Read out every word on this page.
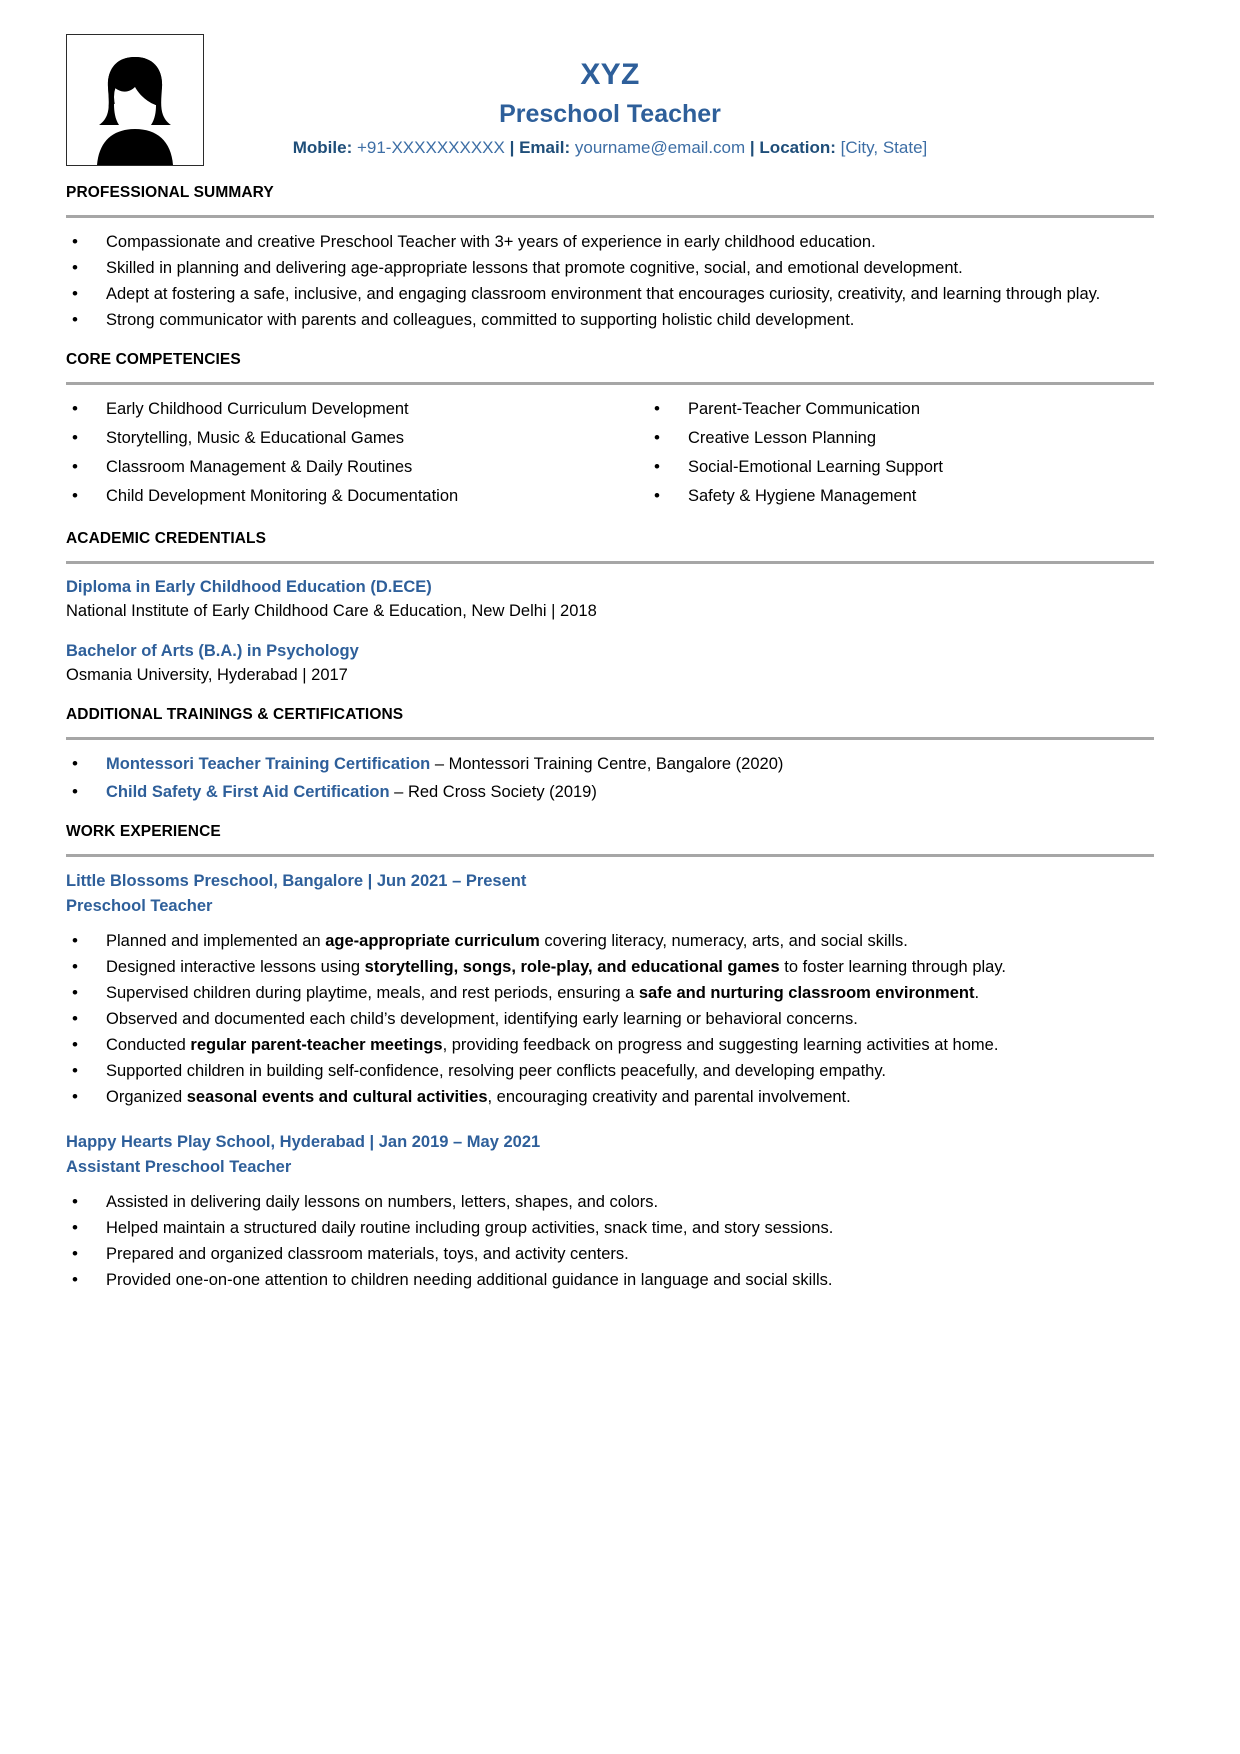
XYZ
Preschool Teacher
Mobile: +91-XXXXXXXXXX | Email: yourname@email.com | Location: [City, State]
PROFESSIONAL SUMMARY
• Compassionate and creative Preschool Teacher with 3+ years of experience in early childhood education.
• Skilled in planning and delivering age-appropriate lessons that promote cognitive, social, and emotional development.
• Adept at fostering a safe, inclusive, and engaging classroom environment that encourages curiosity, creativity, and learning through play.
• Strong communicator with parents and colleagues, committed to supporting holistic child development.
CORE COMPETENCIES
• Early Childhood Curriculum Development
• Storytelling, Music & Educational Games
• Classroom Management & Daily Routines
• Child Development Monitoring & Documentation
• Parent-Teacher Communication
• Creative Lesson Planning
• Social-Emotional Learning Support
• Safety & Hygiene Management
ACADEMIC CREDENTIALS
Diploma in Early Childhood Education (D.ECE)
National Institute of Early Childhood Care & Education, New Delhi | 2018
Bachelor of Arts (B.A.) in Psychology
Osmania University, Hyderabad | 2017
ADDITIONAL TRAININGS & CERTIFICATIONS
• Montessori Teacher Training Certification – Montessori Training Centre, Bangalore (2020)
• Child Safety & First Aid Certification – Red Cross Society (2019)
WORK EXPERIENCE
Little Blossoms Preschool, Bangalore | Jun 2021 – Present
Preschool Teacher
• Planned and implemented an age-appropriate curriculum covering literacy, numeracy, arts, and social skills.
• Designed interactive lessons using storytelling, songs, role-play, and educational games to foster learning through play.
• Supervised children during playtime, meals, and rest periods, ensuring a safe and nurturing classroom environment.
• Observed and documented each child’s development, identifying early learning or behavioral concerns.
• Conducted regular parent-teacher meetings, providing feedback on progress and suggesting learning activities at home.
• Supported children in building self-confidence, resolving peer conflicts peacefully, and developing empathy.
• Organized seasonal events and cultural activities, encouraging creativity and parental involvement.
Happy Hearts Play School, Hyderabad | Jan 2019 – May 2021
Assistant Preschool Teacher
• Assisted in delivering daily lessons on numbers, letters, shapes, and colors.
• Helped maintain a structured daily routine including group activities, snack time, and story sessions.
• Prepared and organized classroom materials, toys, and activity centers.
• Provided one-on-one attention to children needing additional guidance in language and social skills.
